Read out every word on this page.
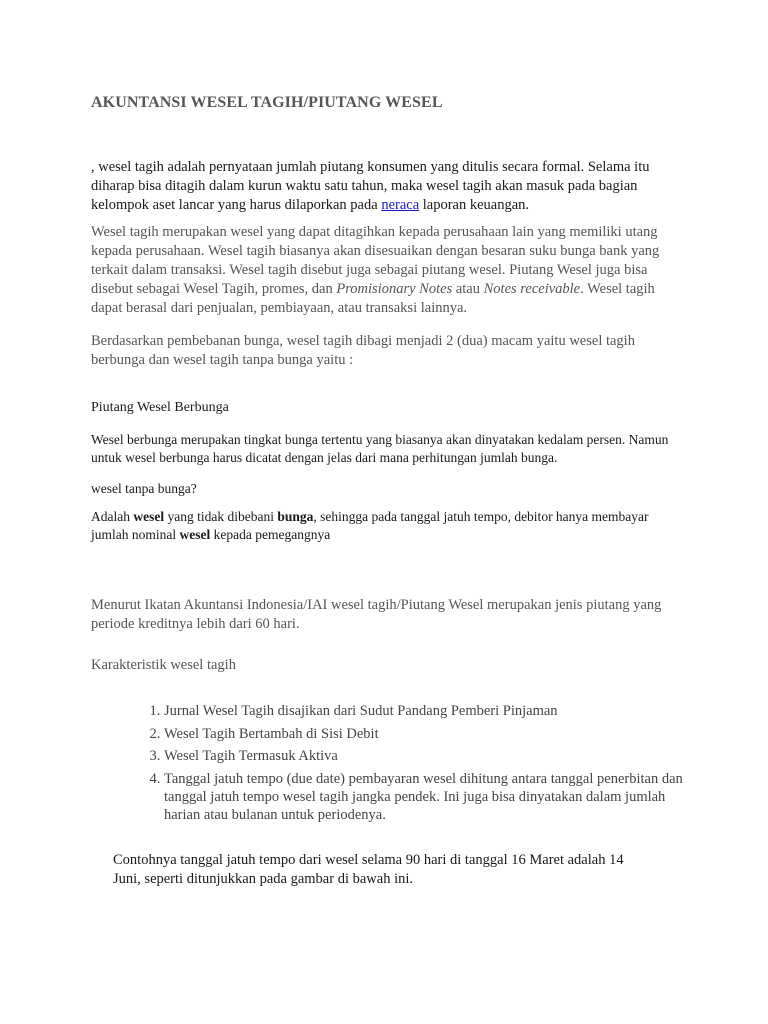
AKUNTANSI WESEL TAGIH/PIUTANG WESEL

, wesel tagih adalah pernyataan jumlah piutang konsumen yang ditulis secara formal. Selama itu diharap bisa ditagih dalam kurun waktu satu tahun, maka wesel tagih akan masuk pada bagian kelompok aset lancar yang harus dilaporkan pada neraca laporan keuangan.

Wesel tagih merupakan wesel yang dapat ditagihkan kepada perusahaan lain yang memiliki utang kepada perusahaan. Wesel tagih biasanya akan disesuaikan dengan besaran suku bunga bank yang terkait dalam transaksi. Wesel tagih disebut juga sebagai piutang wesel. Piutang Wesel juga bisa disebut sebagai Wesel Tagih, promes, dan Promisionary Notes atau Notes receivable. Wesel tagih dapat berasal dari penjualan, pembiayaan, atau transaksi lainnya.

Berdasarkan pembebanan bunga, wesel tagih dibagi menjadi 2 (dua) macam yaitu wesel tagih berbunga dan wesel tagih tanpa bunga yaitu :

Piutang Wesel Berbunga

Wesel berbunga merupakan tingkat bunga tertentu yang biasanya akan dinyatakan kedalam persen. Namun untuk wesel berbunga harus dicatat dengan jelas dari mana perhitungan jumlah bunga.

wesel tanpa bunga?

Adalah wesel yang tidak dibebani bunga, sehingga pada tanggal jatuh tempo, debitor hanya membayar jumlah nominal wesel kepada pemegangnya

Menurut Ikatan Akuntansi Indonesia/IAI wesel tagih/Piutang Wesel merupakan jenis piutang yang periode kreditnya lebih dari 60 hari.

Karakteristik wesel tagih

1. Jurnal Wesel Tagih disajikan dari Sudut Pandang Pemberi Pinjaman
2. Wesel Tagih Bertambah di Sisi Debit
3. Wesel Tagih Termasuk Aktiva
4. Tanggal jatuh tempo (due date) pembayaran wesel dihitung antara tanggal penerbitan dan tanggal jatuh tempo wesel tagih jangka pendek. Ini juga bisa dinyatakan dalam jumlah harian atau bulanan untuk periodenya.

Contohnya tanggal jatuh tempo dari wesel selama 90 hari di tanggal 16 Maret adalah 14 Juni, seperti ditunjukkan pada gambar di bawah ini.
